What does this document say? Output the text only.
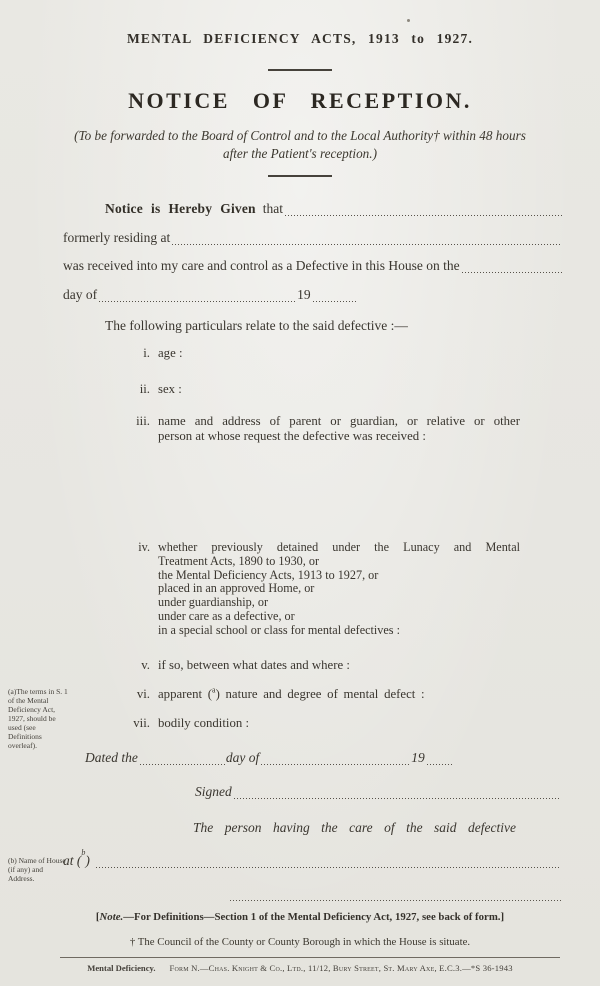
MENTAL DEFICIENCY ACTS, 1913 to 1927.
NOTICE OF RECEPTION.
(To be forwarded to the Board of Control and to the Local Authority† within 48 hours
after the Patient's reception.)
Notice is Hereby Given that
formerly residing at
was received into my care and control as a Defective in this House on the
day of	19
The following particulars relate to the said defective :—
i. age :
ii. sex :
iii. name and address of parent or guardian, or relative or other
person at whose request the defective was received :
iv. whether previously detained under the Lunacy and Mental
Treatment Acts, 1890 to 1930, or
the Mental Deficiency Acts, 1913 to 1927, or
placed in an approved Home, or
under guardianship, or
under care as a defective, or
in a special school or class for mental defectives :
v. if so, between what dates and where :
vi. apparent ($^a$) nature and degree of mental defect :
vii. bodily condition :
(a)The terms in S. 1 of the Mental Deficiency Act, 1927, should be used (see Definitions overleaf).
(b) Name of House (if any) and Address.
Dated the	day of	19
Signed
The person having the care of the said defective
at (
b
)
[Note.—For Definitions—Section 1 of the Mental Deficiency Act, 1927, see back of form.]
† The Council of the County or County Borough in which the House is situate.
Mental Deficiency. Form N.—Chas. Knight & Co., Ltd., 11/12, Bury Street, St. Mary Axe, E.C.3.—*S 36-1943
